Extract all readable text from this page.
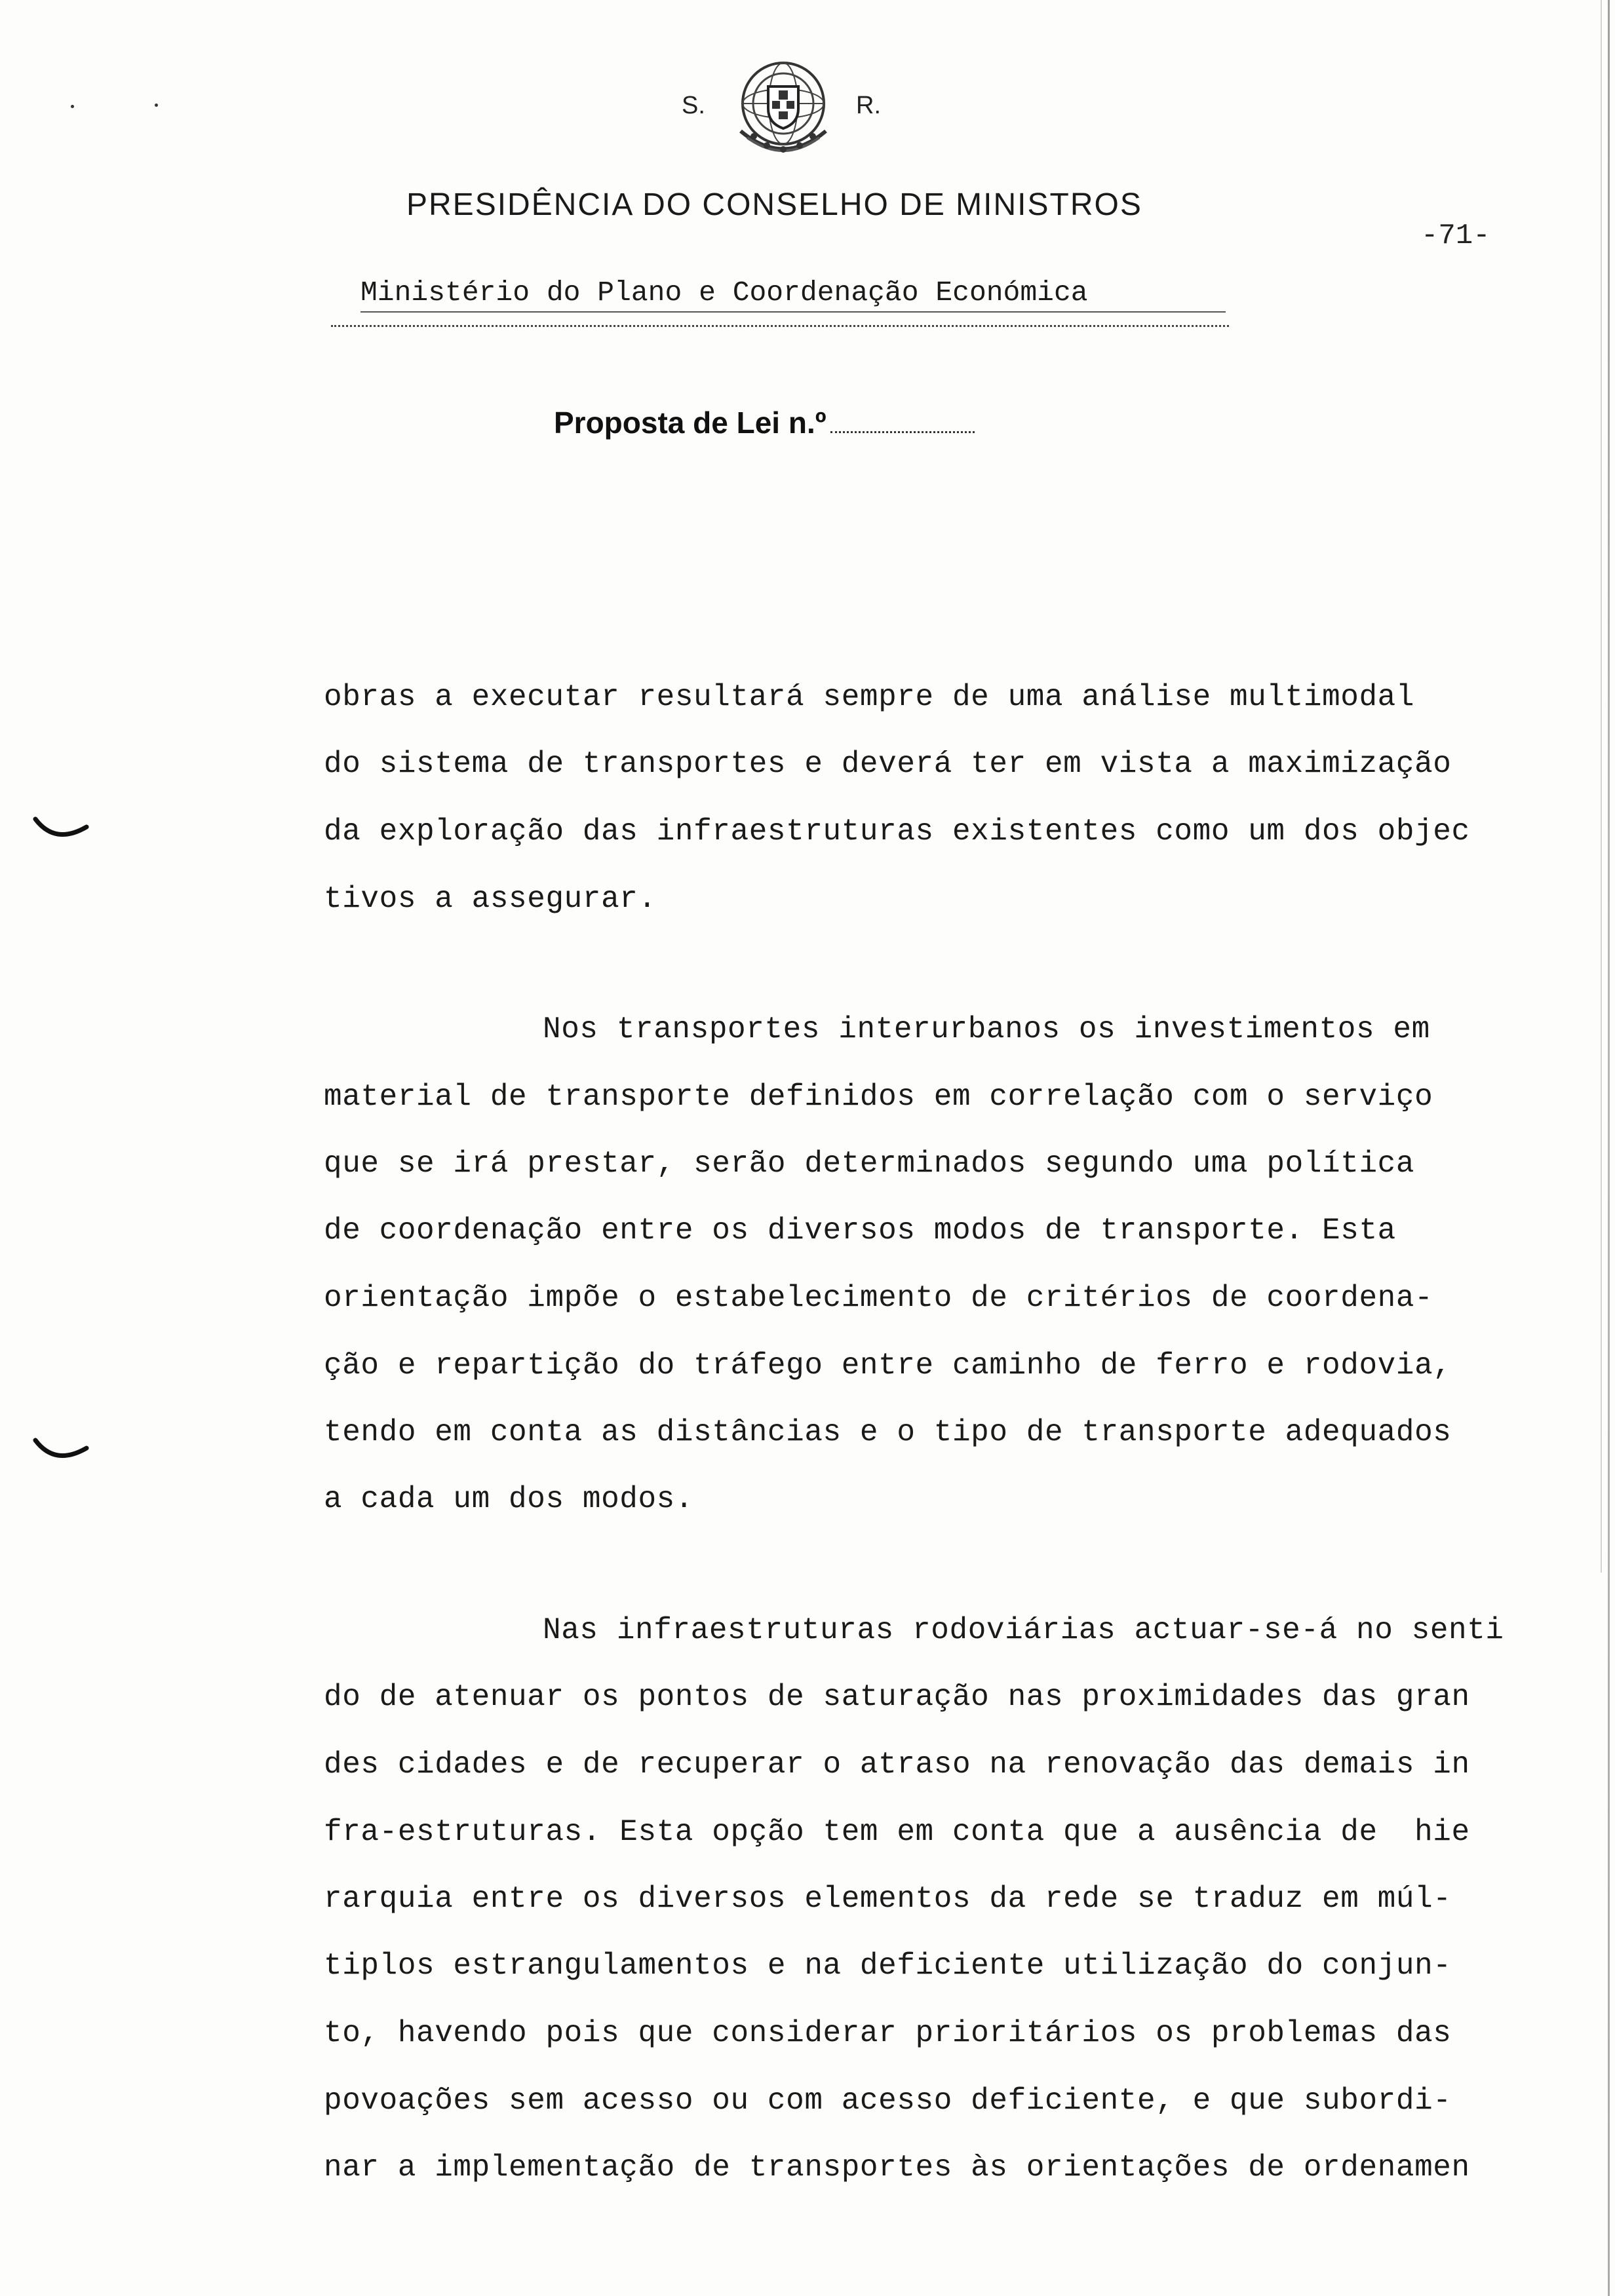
S.	R.
PRESIDÊNCIA DO CONSELHO DE MINISTROS
-71-
Ministério do Plano e Coordenação Económica
Proposta de Lei n.º
obras a executar resultará sempre de uma análise multimodal
do sistema de transportes e deverá ter em vista a maximização
da exploração das infraestruturas existentes como um dos objec
tivos a assegurar.
Nos transportes interurbanos os investimentos em
material de transporte definidos em correlação com o serviço
que se irá prestar, serão determinados segundo uma política
de coordenação entre os diversos modos de transporte. Esta
orientação impõe o estabelecimento de critérios de coordena-
ção e repartição do tráfego entre caminho de ferro e rodovia,
tendo em conta as distâncias e o tipo de transporte adequados
a cada um dos modos.
Nas infraestruturas rodoviárias actuar-se-á no senti
do de atenuar os pontos de saturação nas proximidades das gran
des cidades e de recuperar o atraso na renovação das demais in
fra-estruturas. Esta opção tem em conta que a ausência de  hie
rarquia entre os diversos elementos da rede se traduz em múl-
tiplos estrangulamentos e na deficiente utilização do conjun-
to, havendo pois que considerar prioritários os problemas das
povoações sem acesso ou com acesso deficiente, e que subordi-
nar a implementação de transportes às orientações de ordenamen
